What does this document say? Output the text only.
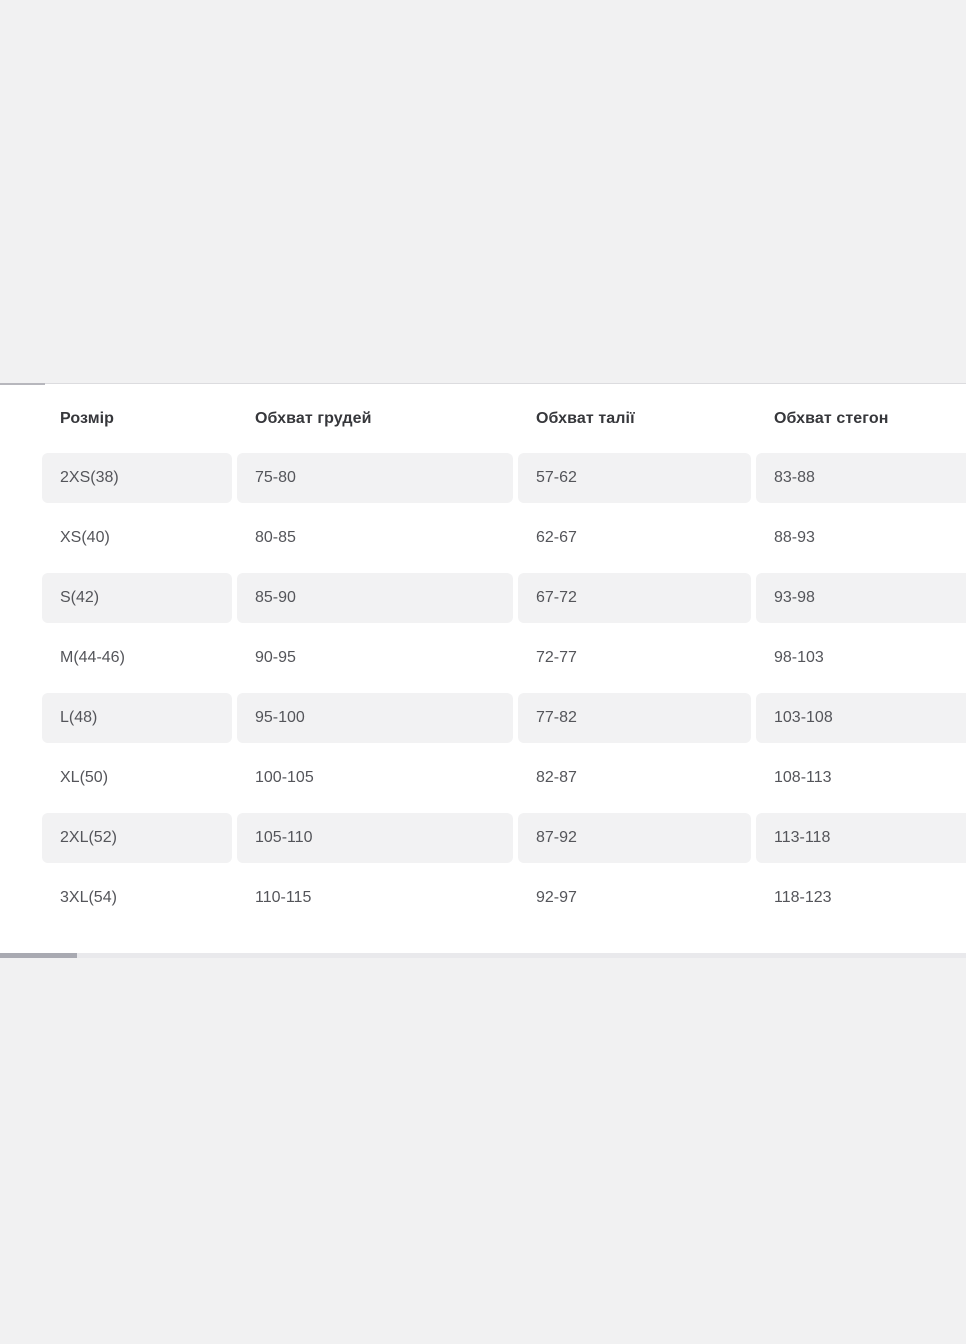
Розмір	Обхват грудей	Обхват талії	Обхват стегон
2XS(38)	75-80	57-62	83-88
XS(40)	80-85	62-67	88-93
S(42)	85-90	67-72	93-98
M(44-46)	90-95	72-77	98-103
L(48)	95-100	77-82	103-108
XL(50)	100-105	82-87	108-113
2XL(52)	105-110	87-92	113-118
3XL(54)	110-115	92-97	118-123
